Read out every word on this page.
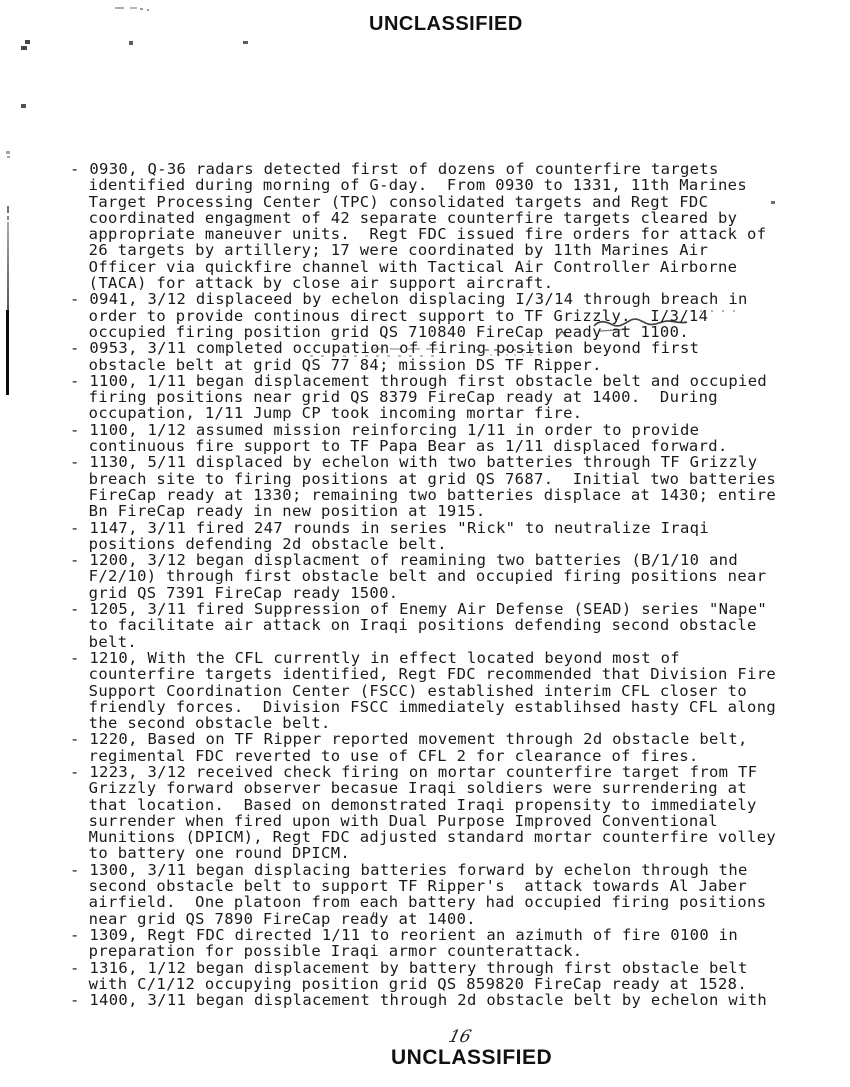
UNCLASSIFIED
- 0930, Q-36 radars detected first of dozens of counterfire targets identified during morning of G-day.  From 0930 to 1331, 11th Marines Target Processing Center (TPC) consolidated targets and Regt FDC coordinated engagment of 42 separate counterfire targets cleared by appropriate maneuver units.  Regt FDC issued fire orders for attack of 26 targets by artillery; 17 were coordinated by 11th Marines Air Officer via quickfire channel with Tactical Air Controller Airborne (TACA) for attack by close air support aircraft.
- 0941, 3/12 displaceed by echelon displacing I/3/14 through breach in order to provide continous direct support to TF Grizzly.  I/3/14 occupied firing position grid QS 710840 FireCap ready at 1100.
- 0953, 3/11 completed occupation of firing position beyond first obstacle belt at grid QS 77 84; mission DS TF Ripper.
- 1100, 1/11 began displacement through first obstacle belt and occupied firing positions near grid QS 8379 FireCap ready at 1400.  During occupation, 1/11 Jump CP took incoming mortar fire.
- 1100, 1/12 assumed mission reinforcing 1/11 in order to provide continuous fire support to TF Papa Bear as 1/11 displaced forward.
- 1130, 5/11 displaced by echelon with two batteries through TF Grizzly breach site to firing positions at grid QS 7687.  Initial two batteries FireCap ready at 1330; remaining two batteries displace at 1430; entire Bn FireCap ready in new position at 1915.
- 1147, 3/11 fired 247 rounds in series "Rick" to neutralize Iraqi positions defending 2d obstacle belt.
- 1200, 3/12 began displacment of reamining two batteries (B/1/10 and F/2/10) through first obstacle belt and occupied firing positions near grid QS 7391 FireCap ready 1500.
- 1205, 3/11 fired Suppression of Enemy Air Defense (SEAD) series "Nape" to facilitate air attack on Iraqi positions defending second obstacle belt.
- 1210, With the CFL currently in effect located beyond most of counterfire targets identified, Regt FDC recommended that Division Fire Support Coordination Center (FSCC) established interim CFL closer to friendly forces.  Division FSCC immediately establihsed hasty CFL along the second obstacle belt.
- 1220, Based on TF Ripper reported movement through 2d obstacle belt, regimental FDC reverted to use of CFL 2 for clearance of fires.
- 1223, 3/12 received check firing on mortar counterfire target from TF Grizzly forward observer becasue Iraqi soldiers were surrendering at that location.  Based on demonstrated Iraqi propensity to immediately surrender when fired upon with Dual Purpose Improved Conventional Munitions (DPICM), Regt FDC adjusted standard mortar counterfire volley to battery one round DPICM.
- 1300, 3/11 began displacing batteries forward by echelon through the second obstacle belt to support TF Ripper's  attack towards Al Jaber airfield.  One platoon from each battery had occupied firing positions near grid QS 7890 FireCap ready at 1400.
- 1309, Regt FDC directed 1/11 to reorient an azimuth of fire 0100 in preparation for possible Iraqi armor counterattack.
- 1316, 1/12 began displacement by battery through first obstacle belt with C/1/12 occupying position grid QS 859820 FireCap ready at 1528.
- 1400, 3/11 began displacement through 2d obstacle belt by echelon with
16
UNCLASSIFIED
